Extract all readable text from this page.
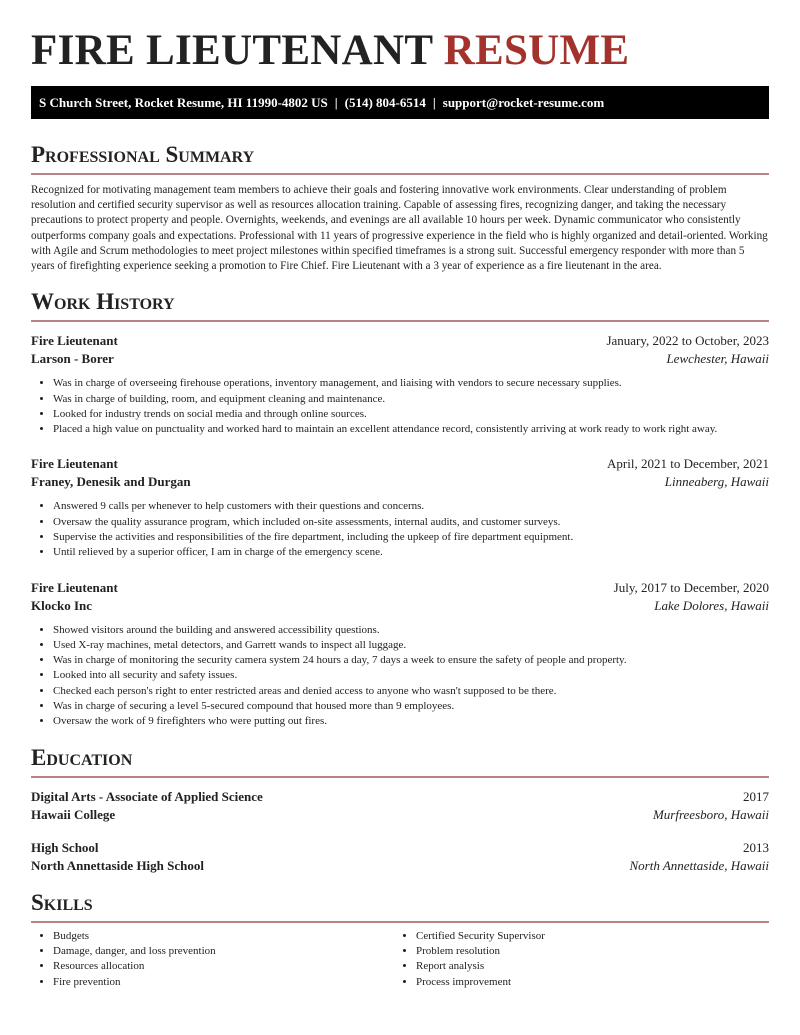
FIRE LIEUTENANT RESUME
S Church Street, Rocket Resume, HI 11990-4802 US | (514) 804-6514 | support@rocket-resume.com
Professional Summary

Recognized for motivating management team members to achieve their goals and fostering innovative work environments. Clear understanding of problem resolution and certified security supervisor as well as resources allocation training. Capable of assessing fires, recognizing danger, and taking the necessary precautions to protect property and people. Overnights, weekends, and evenings are all available 10 hours per week. Dynamic communicator who consistently outperforms company goals and expectations. Professional with 11 years of progressive experience in the field who is highly organized and detail-oriented. Working with Agile and Scrum methodologies to meet project milestones within specified timeframes is a strong suit. Successful emergency responder with more than 5 years of firefighting experience seeking a promotion to Fire Chief. Fire Lieutenant with a 3 year of experience as a fire lieutenant in the area.

Work History
Fire Lieutenant	January, 2022 to October, 2023
Larson - Borer	Lewchester, Hawaii
• Was in charge of overseeing firehouse operations, inventory management, and liaising with vendors to secure necessary supplies.
• Was in charge of building, room, and equipment cleaning and maintenance.
• Looked for industry trends on social media and through online sources.
• Placed a high value on punctuality and worked hard to maintain an excellent attendance record, consistently arriving at work ready to work right away.
Fire Lieutenant	April, 2021 to December, 2021
Franey, Denesik and Durgan	Linneaberg, Hawaii
• Answered 9 calls per whenever to help customers with their questions and concerns.
• Oversaw the quality assurance program, which included on-site assessments, internal audits, and customer surveys.
• Supervise the activities and responsibilities of the fire department, including the upkeep of fire department equipment.
• Until relieved by a superior officer, I am in charge of the emergency scene.
Fire Lieutenant	July, 2017 to December, 2020
Klocko Inc	Lake Dolores, Hawaii
• Showed visitors around the building and answered accessibility questions.
• Used X-ray machines, metal detectors, and Garrett wands to inspect all luggage.
• Was in charge of monitoring the security camera system 24 hours a day, 7 days a week to ensure the safety of people and property.
• Looked into all security and safety issues.
• Checked each person's right to enter restricted areas and denied access to anyone who wasn't supposed to be there.
• Was in charge of securing a level 5-secured compound that housed more than 9 employees.
• Oversaw the work of 9 firefighters who were putting out fires.
Education
Digital Arts - Associate of Applied Science	2017
Hawaii College	Murfreesboro, Hawaii
High School	2013
North Annettaside High School	North Annettaside, Hawaii
Skills
• Budgets
• Damage, danger, and loss prevention
• Resources allocation
• Fire prevention
• Certified Security Supervisor
• Problem resolution
• Report analysis
• Process improvement
